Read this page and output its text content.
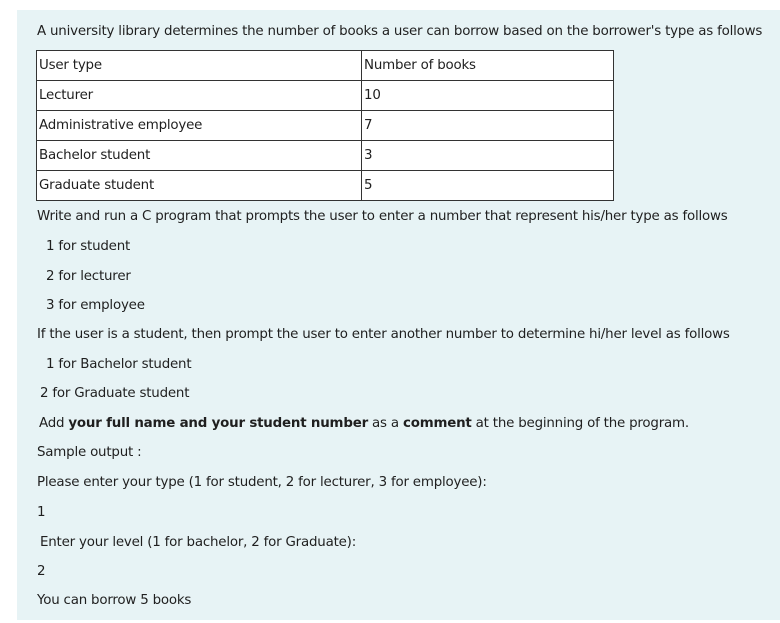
A university library determines the number of books a user can borrow based on the borrower's type as follows
User type	Number of books
Lecturer	10
Administrative employee	7
Bachelor student	3
Graduate student	5
Write and run a C program that prompts the user to enter a number that represent his/her type as follows
1 for student
2 for lecturer
3 for employee
If the user is a student, then prompt the user to enter another number to determine hi/her level as follows
1 for Bachelor student
2 for Graduate student
Add your full name and your student number as a comment at the beginning of the program.
Sample output :
Please enter your type (1 for student, 2 for lecturer, 3 for employee):
1
Enter your level (1 for bachelor, 2 for Graduate):
2
You can borrow 5 books
